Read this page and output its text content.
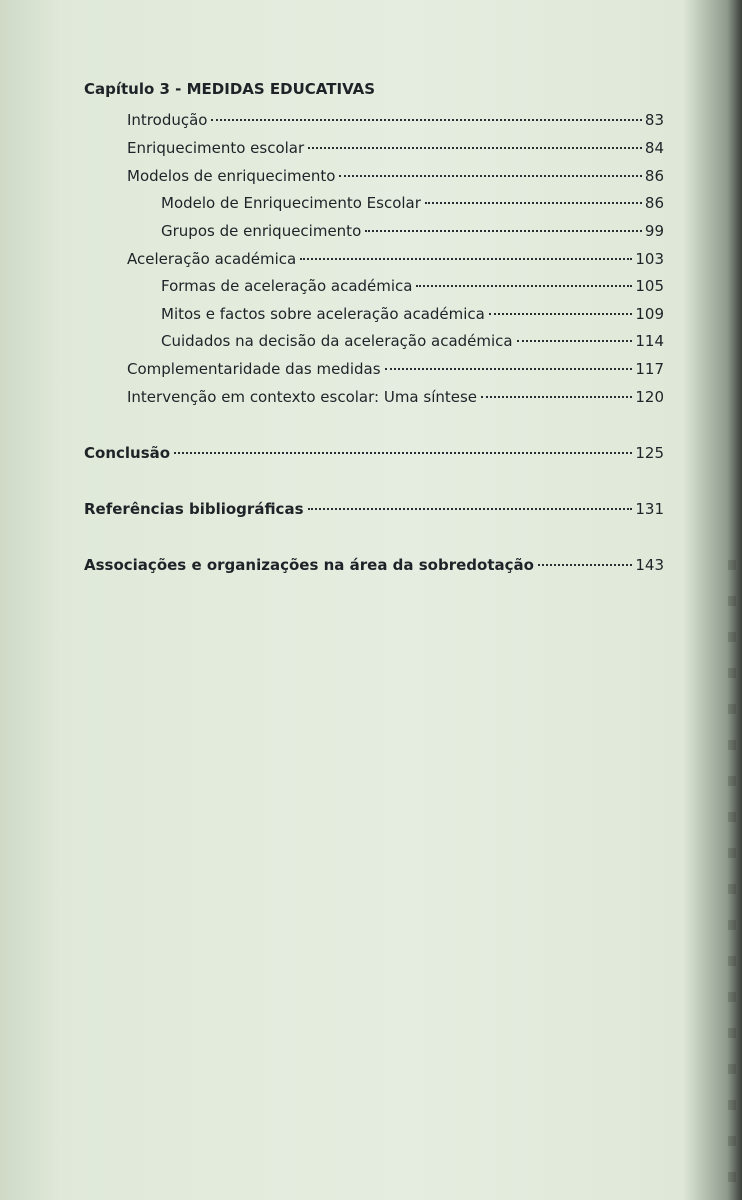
Capítulo 3 - MEDIDAS EDUCATIVAS
Introdução	83
Enriquecimento escolar	84
Modelos de enriquecimento	86
Modelo de Enriquecimento Escolar	86
Grupos de enriquecimento	99
Aceleração académica	103
Formas de aceleração académica	105
Mitos e factos sobre aceleração académica	109
Cuidados na decisão da aceleração académica	114
Complementaridade das medidas	117
Intervenção em contexto escolar: Uma síntese	120
Conclusão	125
Referências bibliográficas	131
Associações e organizações na área da sobredotação	143
